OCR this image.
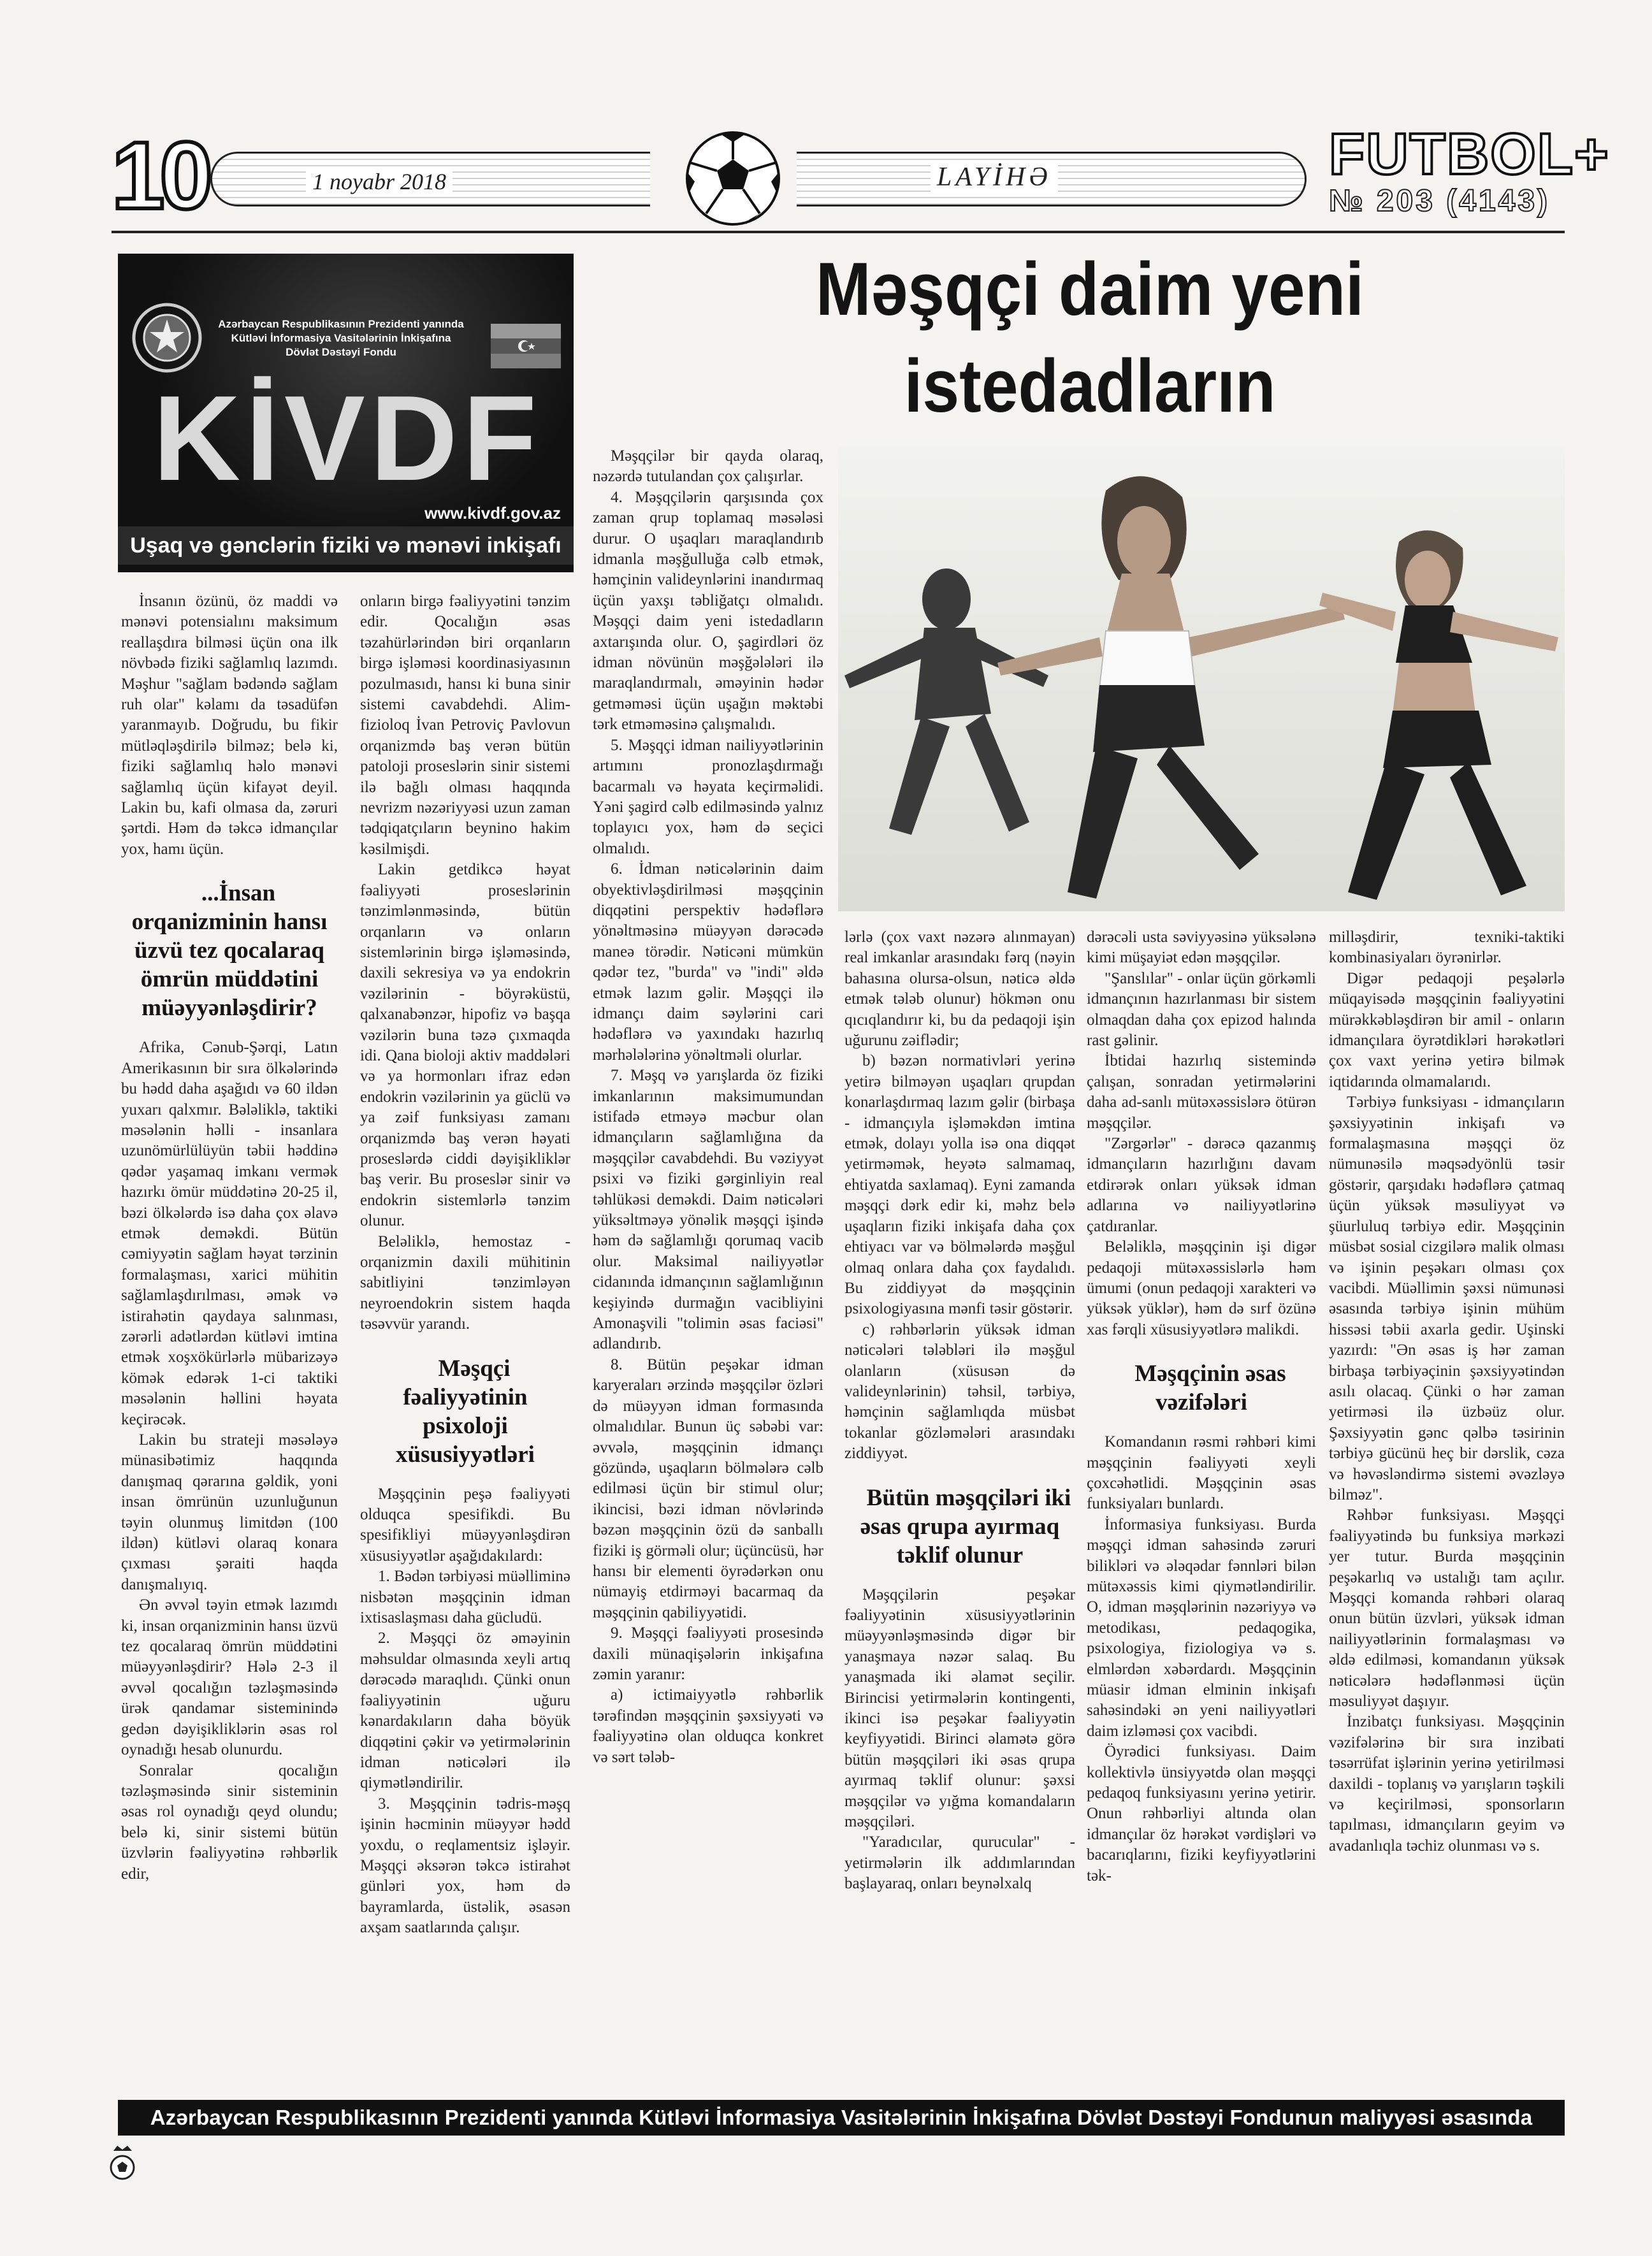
10	1 noyabr 2018	LAYİHƏ	FUTBOL+
№ 203 (4143)
Məşqçi daim yeni istedadların

Azərbaycan Respublikasının Prezidenti yanında
Kütləvi İnformasiya Vasitələrinin İnkişafına
Dövlət Dəstəyi Fondu
KİVDF
www.kivdf.gov.az
Uşaq və gənclərin fiziki və mənəvi inkişafı

İnsanın özünü, öz maddi və mənəvi potensialını maksimum reallaşdıra bilməsi üçün ona ilk növbədə fiziki sağlamlıq lazımdı. Məşhur "sağlam bədəndə sağlam ruh olar" kəlamı da təsadüfən yaranmayıb. Doğrudu, bu fikir mütləqləşdirilə bilməz; belə ki, fiziki sağlamlıq həlo mənəvi sağlamlıq üçün kifayət deyil. Lakin bu, kafi olmasa da, zəruri şərtdi. Həm də təkcə idmançılar yox, hamı üçün.

...İnsan orqanizminin hansı üzvü tez qocalaraq ömrün müddətini müəyyənləşdirir?

Afrika, Cənub-Şərqi, Latın Amerikasının bir sıra ölkələrində bu hədd daha aşağıdı və 60 ildən yuxarı qalxmır. Bələliklə, taktiki məsələnin həlli - insanlara uzunömürlülüyün təbii həddinə qədər yaşamaq imkanı vermək hazırkı ömür müddətinə 20-25 il, bəzi ölkələrdə isə daha çox əlavə etmək deməkdi. Bütün cəmiyyətin sağlam həyat tərzinin formalaşması, xarici mühitin sağlamlaşdırılması, əmək və istirahətin qaydaya salınması, zərərli adətlərdən kütləvi imtina etmək xoşxökürlərlə mübarizəyə kömək edərək 1-ci taktiki məsələnin həllini həyata keçirəcək.

Lakin bu strateji məsələyə münasibətimiz haqqında danışmaq qərarına gəldik, yoni insan ömrünün uzunluğunun təyin olunmuş limitdən (100 ildən) kütləvi olaraq konara çıxması şəraiti haqda danışmalıyıq.

Ən əvvəl təyin etmək lazımdı ki, insan orqanizminin hansı üzvü tez qocalaraq ömrün müddətini müəyyənləşdirir? Hələ 2-3 il əvvəl qocalığın təzləşməsində ürək qandamar sisteminində gedən dəyişikliklərin əsas rol oynadığı hesab olunurdu.

Sonralar qocalığın təzləşməsində sinir sisteminin əsas rol oynadığı qeyd olundu; belə ki, sinir sistemi bütün üzvlərin fəaliyyətinə rəhbərlik edir,

onların birgə fəaliyyətini tənzim edir. Qocalığın əsas təzahürlərindən biri orqanların birgə işləməsi koordinasiyasının pozulmasıdı, hansı ki buna sinir sistemi cavabdehdi. Alim-fizioloq İvan Petroviç Pavlovun orqanizmdə baş verən bütün patoloji proseslərin sinir sistemi ilə bağlı olması haqqında nevrizm nəzəriyyəsi uzun zaman tədqiqatçıların beynino hakim kəsilmişdi.

Lakin getdikcə həyat fəaliyyəti proseslərinin tənzimlənməsində, bütün orqanların və onların sistemlərinin birgə işləməsində, daxili sekresiya və ya endokrin vəzilərinin - böyrəküstü, qalxanabənzər, hipofiz və başqa vəzilərin buna təzə çıxmaqda idi. Qana bioloji aktiv maddələri və ya hormonları ifraz edən endokrin vəzilərinin ya güclü və ya zəif funksiyası zamanı orqanizmdə baş verən həyati proseslərdə ciddi dəyişikliklər baş verir. Bu proseslər sinir və endokrin sistemlərlə tənzim olunur.

Beləliklə, hemostaz - orqanizmin daxili mühitinin sabitliyini tənzimləyən neyroendokrin sistem haqda təsəvvür yarandı.

Məşqçi fəaliyyətinin psixoloji xüsusiyyətləri

Məşqçinin peşə fəaliyyəti olduqca spesifikdi. Bu spesifikliyi müəyyənləşdirən xüsusiyyətlər aşağıdakılardı:

1. Bədən tərbiyəsi müəlliminə nisbətən məşqçinin idman ixtisaslaşması daha gücludü.

2. Məşqçi öz əməyinin məhsuldar olmasında xeyli artıq dərəcədə maraqlıdı. Çünki onun fəaliyyətinin uğuru kənardakıların daha böyük diqqətini çəkir və yetirmələrinin idman nəticələri ilə qiymətləndirilir.

3. Məşqçinin tədris-məşq işinin həcminin müəyyər hədd yoxdu, o reqlamentsiz işləyir. Məşqçi əksərən təkcə istirahət günləri yox, həm də bayramlarda, üstəlik, əsasən axşam saatlarında çalışır.

Məşqçilər bir qayda olaraq, nəzərdə tutulandan çox çalışırlar.

4. Məşqçilərin qarşısında çox zaman qrup toplamaq məsələsi durur. O uşaqları maraqlandırıb idmanla məşğulluğa cəlb etmək, həmçinin valideynlərini inandırmaq üçün yaxşı təbliğatçı olmalıdı. Məşqçi daim yeni istedadların axtarışında olur. O, şagirdləri öz idman növünün məşğələləri ilə maraqlandırmalı, əməyinin hədər getməməsi üçün uşağın məktəbi tərk etməməsinə çalışmalıdı.

5. Məşqçi idman nailiyyətlərinin artımını pronozlaşdırmağı bacarmalı və həyata keçirməlidi. Yəni şagird cəlb edilməsində yalnız toplayıcı yox, həm də seçici olmalıdı.

6. İdman nəticələrinin daim obyektivləşdirilməsi məşqçinin diqqətini perspektiv hədəflərə yönəltməsinə müəyyən dərəcədə maneə törədir. Nəticəni mümkün qədər tez, "burda" və "indi" əldə etmək lazım gəlir. Məşqçi ilə idmançı daim səylərini cari hədəflərə və yaxındakı hazırlıq mərhələlərinə yönəltməli olurlar.

7. Məşq və yarışlarda öz fiziki imkanlarının maksimumundan istifadə etməyə məcbur olan idmançıların sağlamlığına da məşqçilər cavabdehdi. Bu vəziyyət psixi və fiziki gərginliyin real təhlükəsi deməkdi. Daim nəticələri yüksəltməyə yönəlik məşqçi işində həm də sağlamlığı qorumaq vacib olur. Maksimal nailiyyətlər cidanında idmançının sağlamlığının keşiyində durmağın vacibliyini Amonaşvili "tolimin əsas faciəsi" adlandırıb.

8. Bütün peşəkar idman karyeraları ərzində məşqçilər özləri də müəyyən idman formasında olmalıdılar. Bunun üç səbəbi var: əvvələ, məşqçinin idmançı gözündə, uşaqların bölmələrə cəlb edilməsi üçün bir stimul olur; ikincisi, bəzi idman növlərində bəzən məşqçinin özü də sanballı fiziki iş görməli olur; üçüncüsü, hər hansı bir elementi öyrədərkən onu nümayiş etdirməyi bacarmaq da məşqçinin qabiliyyətidi.

9. Məşqçi fəaliyyəti prosesində daxili münaqişələrin inkişafına zəmin yaranır:

a) ictimaiyyətlə rəhbərlik tərəfindən məşqçinin şəxsiyyəti və fəaliyyətinə olan olduqca konkret və sərt tələb-

lərlə (çox vaxt nəzərə alınmayan) real imkanlar arasındakı fərq (nəyin bahasına olursa-olsun, nəticə əldə etmək tələb olunur) hökmən onu qıcıqlandırır ki, bu da pedaqoji işin uğurunu zəiflədir;

b) bəzən normativləri yerinə yetirə bilməyən uşaqları qrupdan konarlaşdırmaq lazım gəlir (birbaşa - idmançıyla işləməkdən imtina etmək, dolayı yolla isə ona diqqət yetirməmək, heyətə salmamaq, ehtiyatda saxlamaq). Eyni zamanda məşqçi dərk edir ki, məhz belə uşaqların fiziki inkişafa daha çox ehtiyacı var və bölmələrdə məşğul olmaq onlara daha çox faydalıdı. Bu ziddiyyət də məşqçinin psixologiyasına mənfi təsir göstərir.

c) rəhbərlərin yüksək idman nəticələri tələbləri ilə məşğul olanların (xüsusən də valideynlərinin) təhsil, tərbiyə, həmçinin sağlamlıqda müsbət tokanlar gözləmələri arasındakı ziddiyyət.

Bütün məşqçiləri iki əsas qrupa ayırmaq təklif olunur

Məşqçilərin peşəkar fəaliyyətinin xüsusiyyətlərinin müəyyənləşməsində digər bir yanaşmaya nəzər salaq. Bu yanaşmada iki əlamət seçilir. Birincisi yetirmələrin kontingenti, ikinci isə peşəkar fəaliyyətin keyfiyyətidi. Birinci əlamətə görə bütün məşqçiləri iki əsas qrupa ayırmaq təklif olunur: şəxsi məşqçilər və yığma komandaların məşqçiləri.

"Yaradıcılar, qurucular" - yetirmələrin ilk addımlarından başlayaraq, onları beynəlxalq

dərəcəli usta səviyyəsinə yüksələnə kimi müşayiət edən məşqçilər.

"Şanslılar" - onlar üçün görkəmli idmançının hazırlanması bir sistem olmaqdan daha çox epizod halında rast gəlinir.

İbtidai hazırlıq sistemində çalışan, sonradan yetirmələrini daha ad-sanlı mütəxəssislərə ötürən məşqçilər.

"Zərgərlər" - dərəcə qazanmış idmançıların hazırlığını davam etdirərək onları yüksək idman adlarına və nailiyyətlərinə çatdıranlar.

Beləliklə, məşqçinin işi digər pedaqoji mütəxəssislərlə həm ümumi (onun pedaqoji xarakteri və yüksək yüklər), həm də sırf özünə xas fərqli xüsusiyyətlərə malikdi.

Məşqçinin əsas vəzifələri

Komandanın rəsmi rəhbəri kimi məşqçinin fəaliyyəti xeyli çoxcəhətlidi. Məşqçinin əsas funksiyaları bunlardı.

İnformasiya funksiyası. Burda məşqçi idman sahəsində zəruri bilikləri və ələqədar fənnləri bilən mütəxəssis kimi qiymətləndirilir. O, idman məşqlərinin nəzəriyyə və metodikası, pedaqogika, psixologiya, fiziologiya və s. elmlərdən xəbərdardı. Məşqçinin müasir idman elminin inkişafı sahəsindəki ən yeni nailiyyətləri daim izləməsi çox vacibdi.

Öyrədici funksiyası. Daim kollektivlə ünsiyyətdə olan məşqçi pedaqoq funksiyasını yerinə yetirir. Onun rəhbərliyi altında olan idmançılar öz hərəkət vərdişləri və bacarıqlarını, fiziki keyfiyyətlərini tək-

milləşdirir, texniki-taktiki kombinasiyaları öyrənirlər.

Digər pedaqoji peşələrlə müqayisədə məşqçinin fəaliyyətini mürəkkəbləşdirən bir amil - onların idmançılara öyrətdikləri hərəkətləri çox vaxt yerinə yetirə bilmək iqtidarında olmamalarıdı.

Tərbiyə funksiyası - idmançıların şəxsiyyətinin inkişafı və formalaşmasına məşqçi öz nümunəsilə məqsədyönlü təsir göstərir, qarşıdakı hədəflərə çatmaq üçün yüksək məsuliyyət və şüurluluq tərbiyə edir. Məşqçinin müsbət sosial cizgilərə malik olması və işinin peşəkarı olması çox vacibdi. Müəllimin şəxsi nümunəsi əsasında tərbiyə işinin mühüm hissəsi təbii axarla gedir. Uşinski yazırdı: "Ən əsas iş hər zaman birbaşa tərbiyəçinin şəxsiyyətindən asılı olacaq. Çünki o hər zaman yetirməsi ilə üzbəüz olur. Şəxsiyyətin gənc qəlbə təsirinin tərbiyə gücünü heç bir dərslik, cəza və həvəsləndirmə sistemi əvəzləyə bilməz".

Rəhbər funksiyası. Məşqçi fəaliyyətində bu funksiya mərkəzi yer tutur. Burda məşqçinin peşəkarlıq və ustalığı tam açılır. Məşqçi komanda rəhbəri olaraq onun bütün üzvləri, yüksək idman nailiyyətlərinin formalaşması və əldə edilməsi, komandanın yüksək nəticələrə hədəflənməsi üçün məsuliyyət daşıyır.

İnzibatçı funksiyası. Məşqçinin vəzifələrinə bir sıra inzibati təsərrüfat işlərinin yerinə yetirilməsi daxildi - toplanış və yarışların təşkili və keçirilməsi, sponsorların tapılması, idmançıların geyim və avadanlıqla təchiz olunması və s.

Azərbaycan Respublikasının Prezidenti yanında Kütləvi İnformasiya Vasitələrinin İnkişafına Dövlət Dəstəyi Fondunun maliyyəsi əsasında
